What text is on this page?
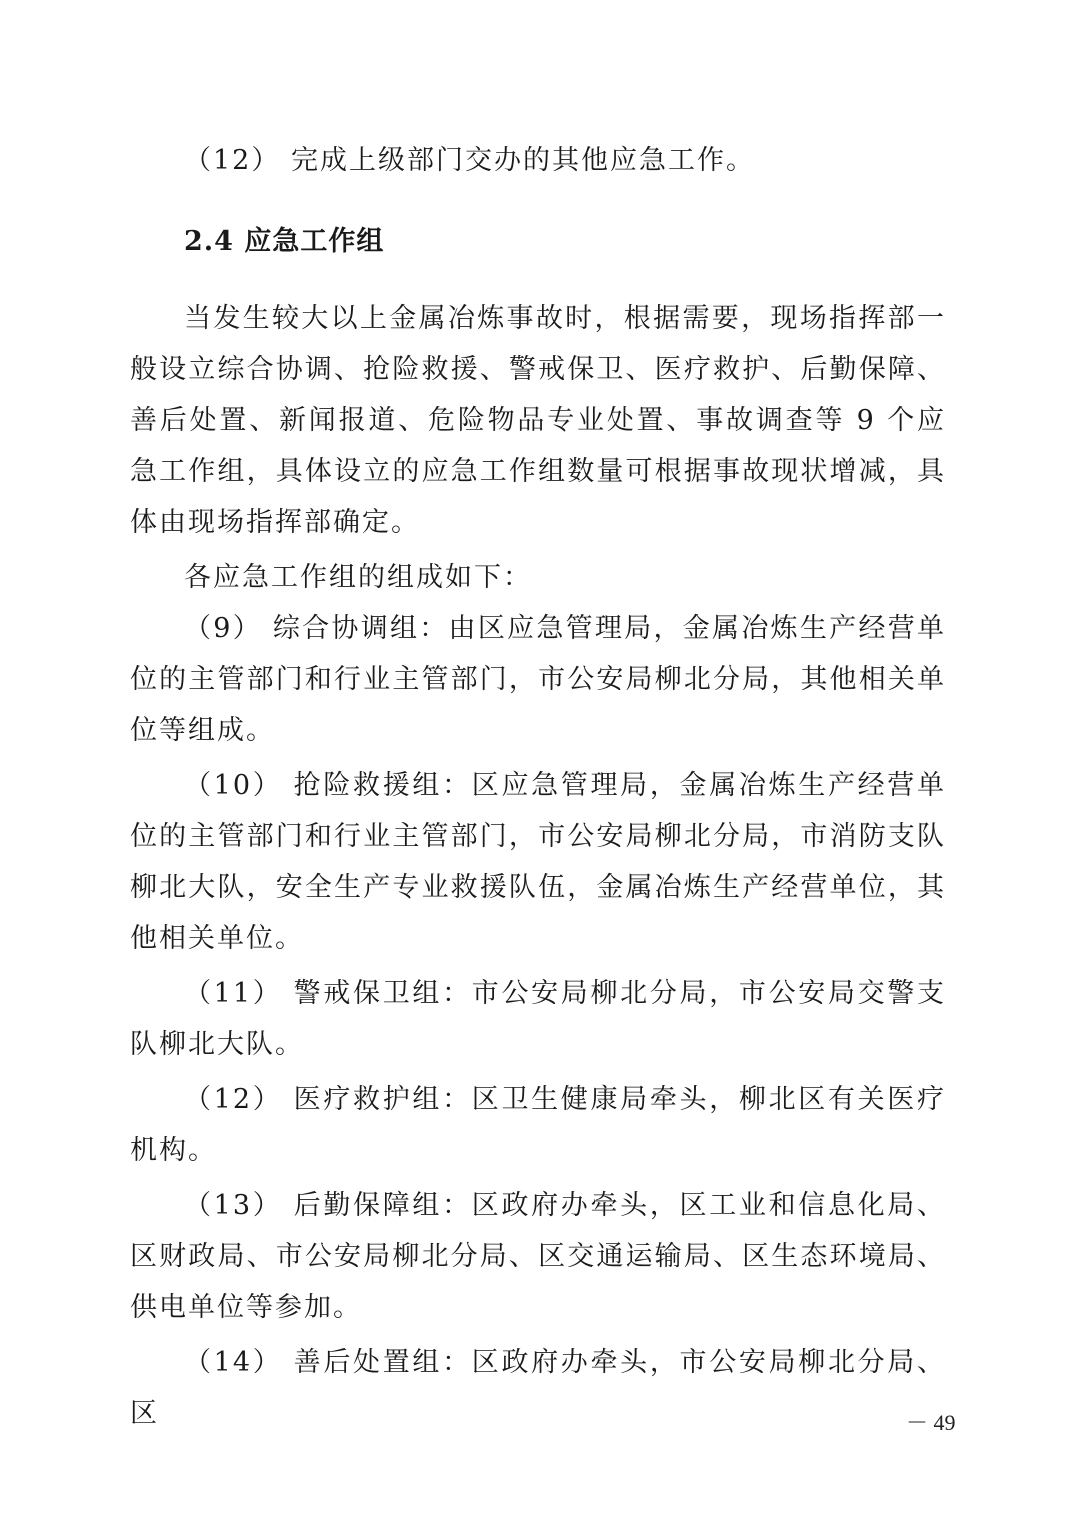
（12） 完成上级部门交办的其他应急工作。

2.4 应急工作组

当发生较大以上金属冶炼事故时，根据需要，现场指挥部一般设立综合协调、抢险救援、警戒保卫、医疗救护、后勤保障、善后处置、新闻报道、危险物品专业处置、事故调查等 9 个应急工作组，具体设立的应急工作组数量可根据事故现状增减，具体由现场指挥部确定。

各应急工作组的组成如下：

（9） 综合协调组：由区应急管理局，金属冶炼生产经营单位的主管部门和行业主管部门，市公安局柳北分局，其他相关单位等组成。

（10） 抢险救援组：区应急管理局，金属冶炼生产经营单位的主管部门和行业主管部门，市公安局柳北分局，市消防支队柳北大队，安全生产专业救援队伍，金属冶炼生产经营单位，其他相关单位。

（11） 警戒保卫组：市公安局柳北分局，市公安局交警支队柳北大队。

（12） 医疗救护组：区卫生健康局牵头，柳北区有关医疗机构。

（13） 后勤保障组：区政府办牵头，区工业和信息化局、区财政局、市公安局柳北分局、区交通运输局、区生态环境局、供电单位等参加。

（14） 善后处置组：区政府办牵头，市公安局柳北分局、区	－ 49
